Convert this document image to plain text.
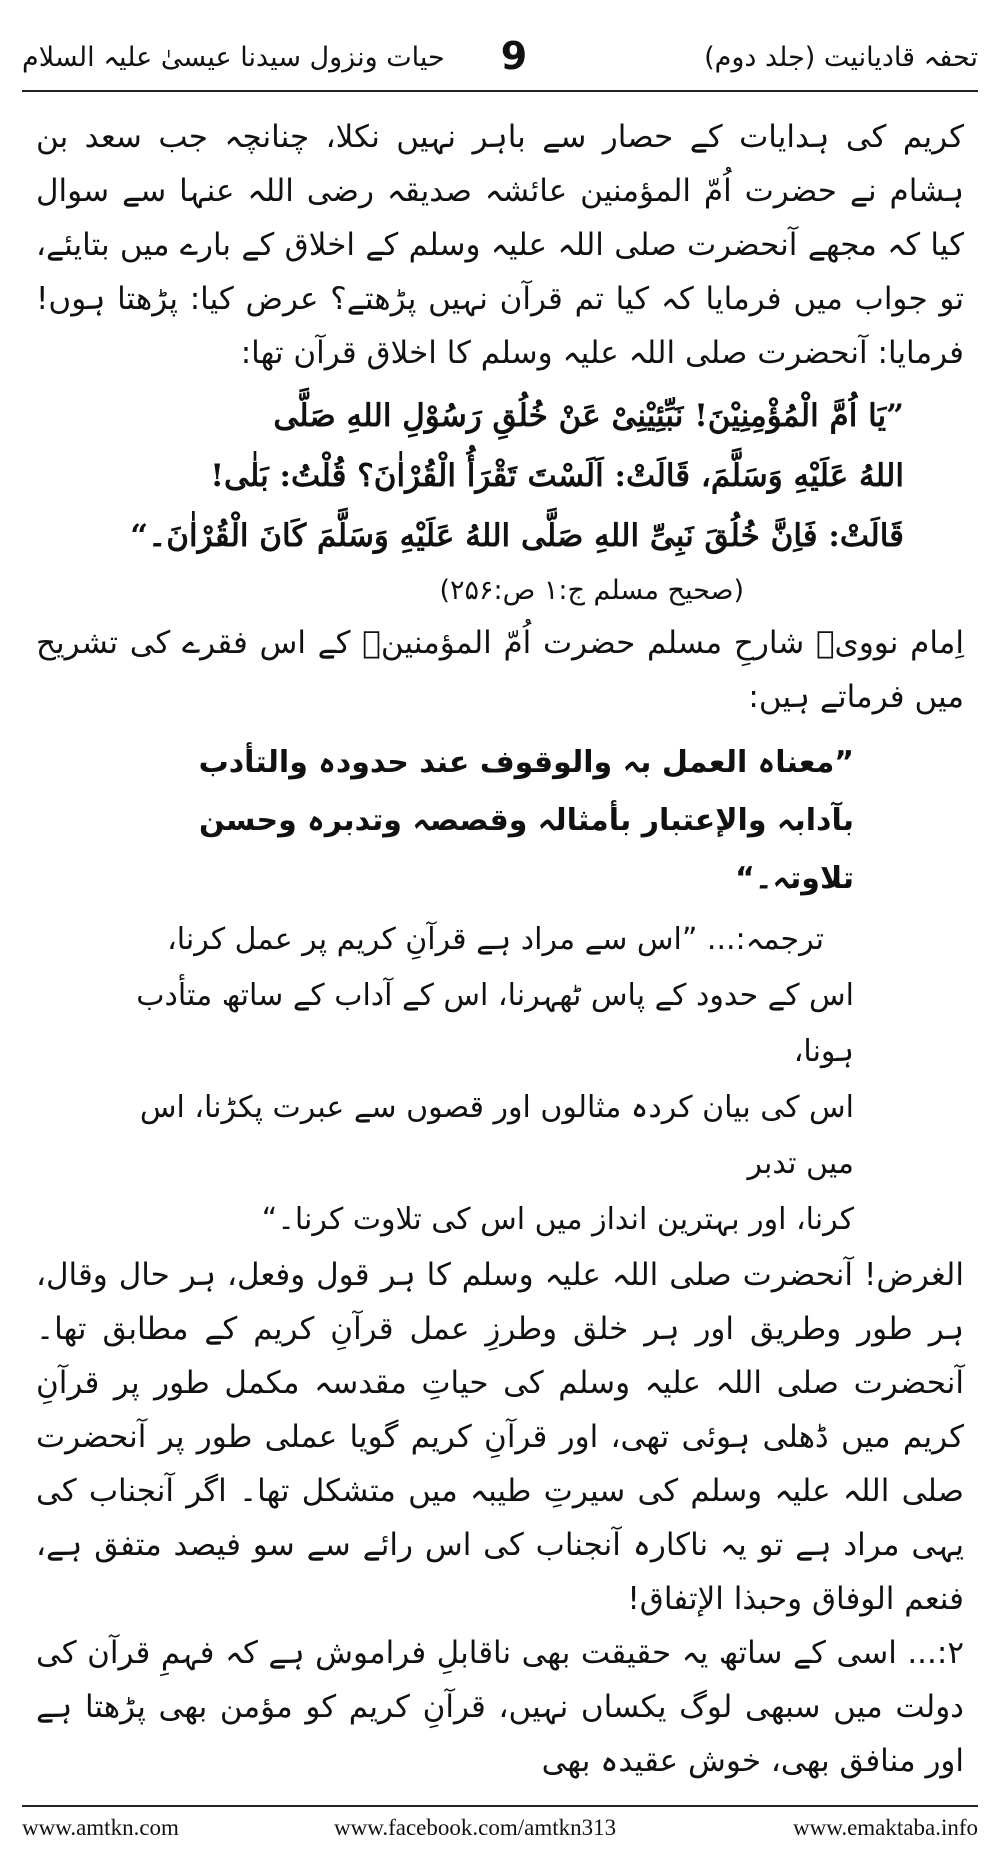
تحفہ قادیانیت (جلد دوم)
9
حیات ونزول سیدنا عیسیٰ علیہ السلام

کریم کی ہدایات کے حصار سے باہر نہیں نکلا، چنانچہ جب سعد بن ہشام نے حضرت اُمّ المؤمنین عائشہ صدیقہ رضی اللہ عنہا سے سوال کیا کہ مجھے آنحضرت صلی اللہ علیہ وسلم کے اخلاق کے بارے میں بتایئے، تو جواب میں فرمایا کہ کیا تم قرآن نہیں پڑھتے؟ عرض کیا: پڑھتا ہوں! فرمایا: آنحضرت صلی اللہ علیہ وسلم کا اخلاق قرآن تھا:

”یَا اُمَّ الْمُؤْمِنِیْنَ! نَبِّئِیْنِیْ عَنْ خُلُقِ رَسُوْلِ اللهِ صَلَّی
اللهُ عَلَیْهِ وَسَلَّمَ، قَالَتْ: اَلَسْتَ تَقْرَأُ الْقُرْاٰنَ؟ قُلْتُ: بَلٰی!
قَالَتْ: فَاِنَّ خُلُقَ نَبِیِّ اللهِ صَلَّی اللهُ عَلَیْهِ وَسَلَّمَ کَانَ الْقُرْاٰنَ۔“
(صحیح مسلم ج:۱ ص:۲۵۶)

اِمام نوویؒ شارحِ مسلم حضرت اُمّ المؤمنینؓ کے اس فقرے کی تشریح میں فرماتے ہیں:

”معناہ العمل بہ والوقوف عند حدودہ والتأدب
بآدابہ والإعتبار بأمثالہ وقصصہ وتدبرہ وحسن تلاوتہ۔“
ترجمہ:... ”اس سے مراد ہے قرآنِ کریم پر عمل کرنا،
اس کے حدود کے پاس ٹھہرنا، اس کے آداب کے ساتھ متأدب ہونا،
اس کی بیان کردہ مثالوں اور قصوں سے عبرت پکڑنا، اس میں تدبر
کرنا، اور بہترین انداز میں اس کی تلاوت کرنا۔“

الغرض! آنحضرت صلی اللہ علیہ وسلم کا ہر قول وفعل، ہر حال وقال، ہر طور وطریق اور ہر خلق وطرزِ عمل قرآنِ کریم کے مطابق تھا۔ آنحضرت صلی اللہ علیہ وسلم کی حیاتِ مقدسہ مکمل طور پر قرآنِ کریم میں ڈھلی ہوئی تھی، اور قرآنِ کریم گویا عملی طور پر آنحضرت صلی اللہ علیہ وسلم کی سیرتِ طیبہ میں متشکل تھا۔ اگر آنجناب کی یہی مراد ہے تو یہ ناکارہ آنجناب کی اس رائے سے سو فیصد متفق ہے، فنعم الوفاق وحبذا الإتفاق!

۲:... اسی کے ساتھ یہ حقیقت بھی ناقابلِ فراموش ہے کہ فہمِ قرآن کی دولت میں سبھی لوگ یکساں نہیں، قرآنِ کریم کو مؤمن بھی پڑھتا ہے اور منافق بھی، خوش عقیدہ بھی

www.amtkn.com	www.facebook.com/amtkn313	www.emaktaba.info
